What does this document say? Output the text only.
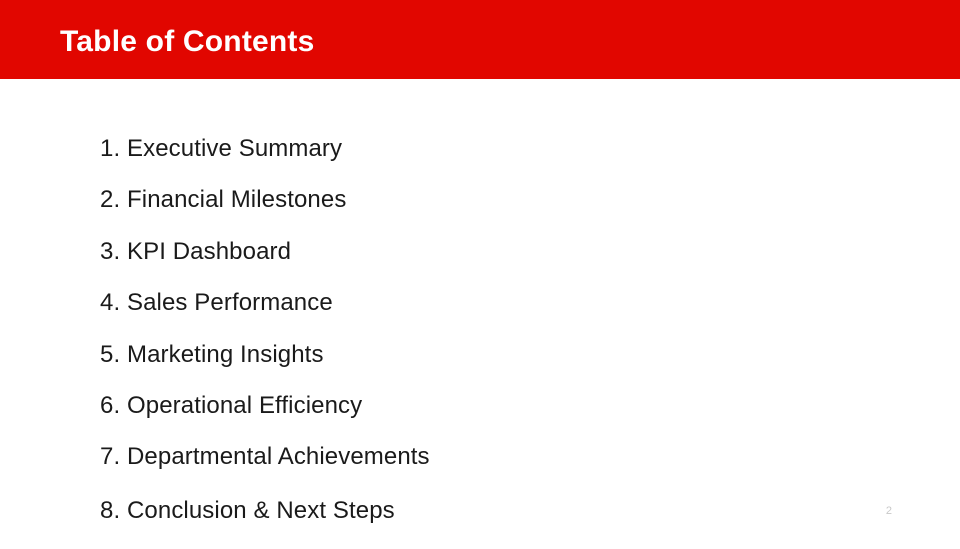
Table of Contents
1. Executive Summary
2. Financial Milestones
3. KPI Dashboard
4. Sales Performance
5. Marketing Insights
6. Operational Efficiency
7. Departmental Achievements
8. Conclusion & Next Steps	2
